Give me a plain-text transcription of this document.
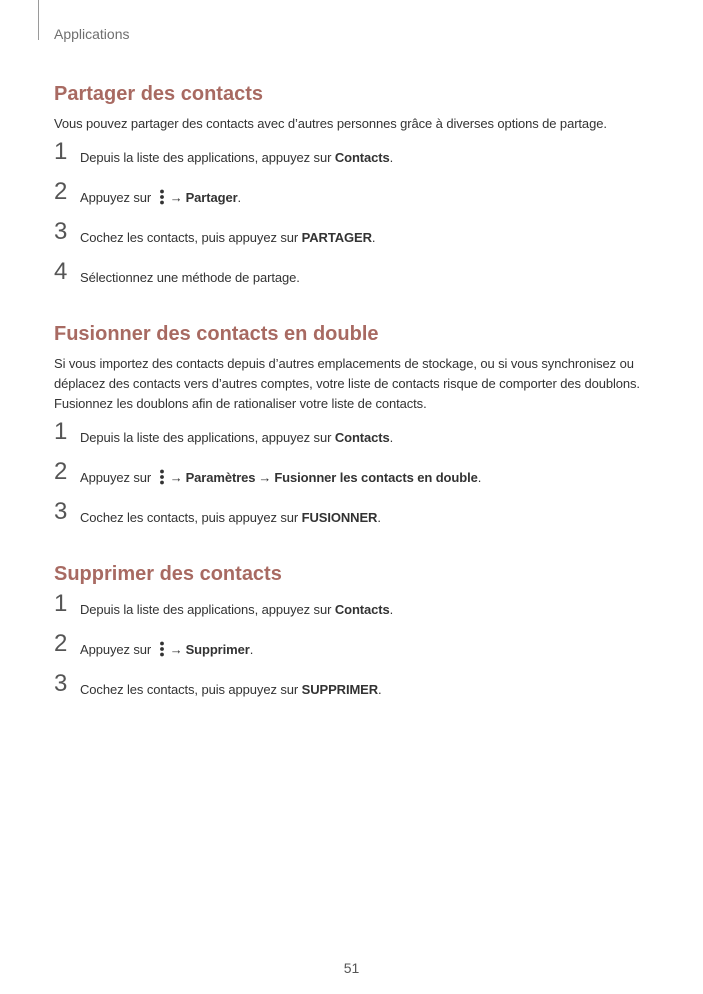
Applications
Partager des contacts

Vous pouvez partager des contacts avec d’autres personnes grâce à diverses options de partage.

1 Depuis la liste des applications, appuyez sur Contacts.
2 Appuyez sur → Partager.
3 Cochez les contacts, puis appuyez sur PARTAGER.
4 Sélectionnez une méthode de partage.
Fusionner des contacts en double

Si vous importez des contacts depuis d’autres emplacements de stockage, ou si vous synchronisez ou déplacez des contacts vers d’autres comptes, votre liste de contacts risque de comporter des doublons. Fusionnez les doublons afin de rationaliser votre liste de contacts.

1 Depuis la liste des applications, appuyez sur Contacts.
2 Appuyez sur → Paramètres → Fusionner les contacts en double.
3 Cochez les contacts, puis appuyez sur FUSIONNER.
Supprimer des contacts
1 Depuis la liste des applications, appuyez sur Contacts.
2 Appuyez sur → Supprimer.
3 Cochez les contacts, puis appuyez sur SUPPRIMER.
51
